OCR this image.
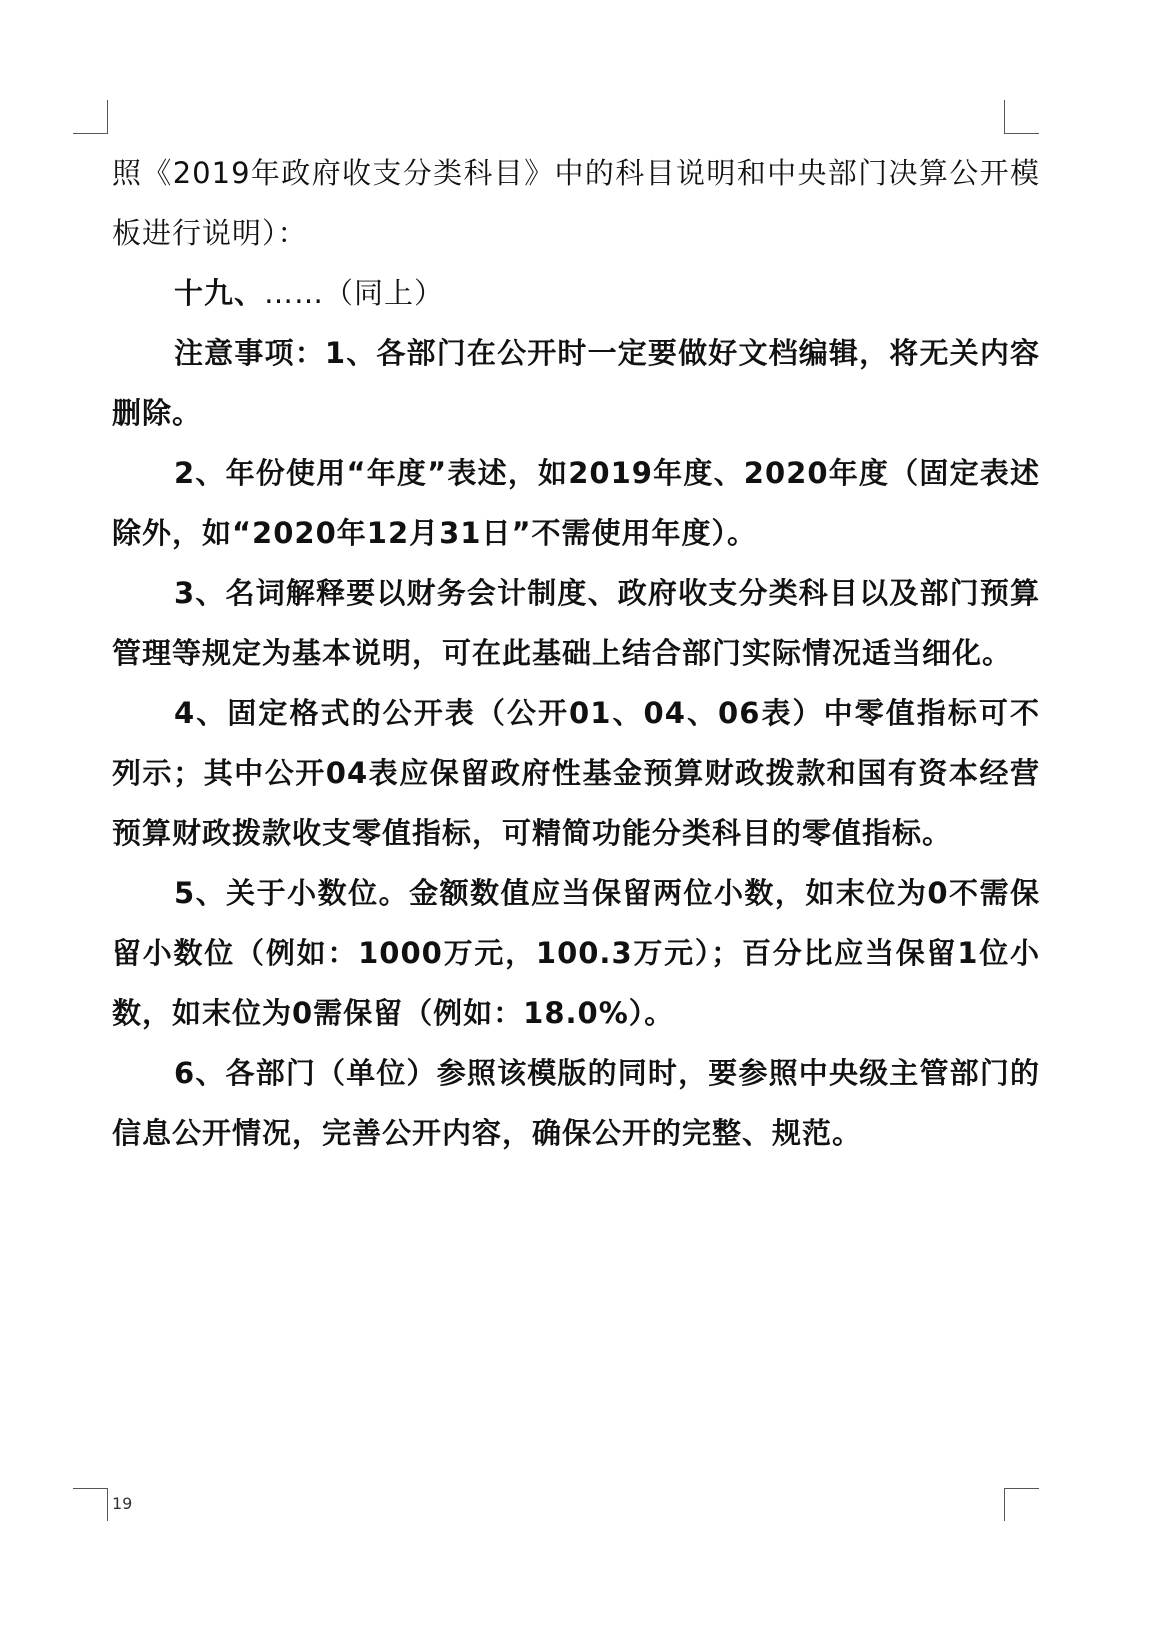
照《2019年政府收支分类科目》中的科目说明和中央部门决算公开模板进行说明）：

十九、……（同上）

注意事项：1、各部门在公开时一定要做好文档编辑，将无关内容删除。

2、年份使用“年度”表述，如2019年度、2020年度（固定表述除外，如“2020年12月31日”不需使用年度）。

3、名词解释要以财务会计制度、政府收支分类科目以及部门预算管理等规定为基本说明，可在此基础上结合部门实际情况适当细化。

4、固定格式的公开表（公开01、04、06表）中零值指标可不列示；其中公开04表应保留政府性基金预算财政拨款和国有资本经营预算财政拨款收支零值指标，可精简功能分类科目的零值指标。

5、关于小数位。金额数值应当保留两位小数，如末位为0不需保留小数位（例如：1000万元，100.3万元）；百分比应当保留1位小数，如末位为0需保留（例如：18.0%）。

6、各部门（单位）参照该模版的同时，要参照中央级主管部门的信息公开情况，完善公开内容，确保公开的完整、规范。

19
